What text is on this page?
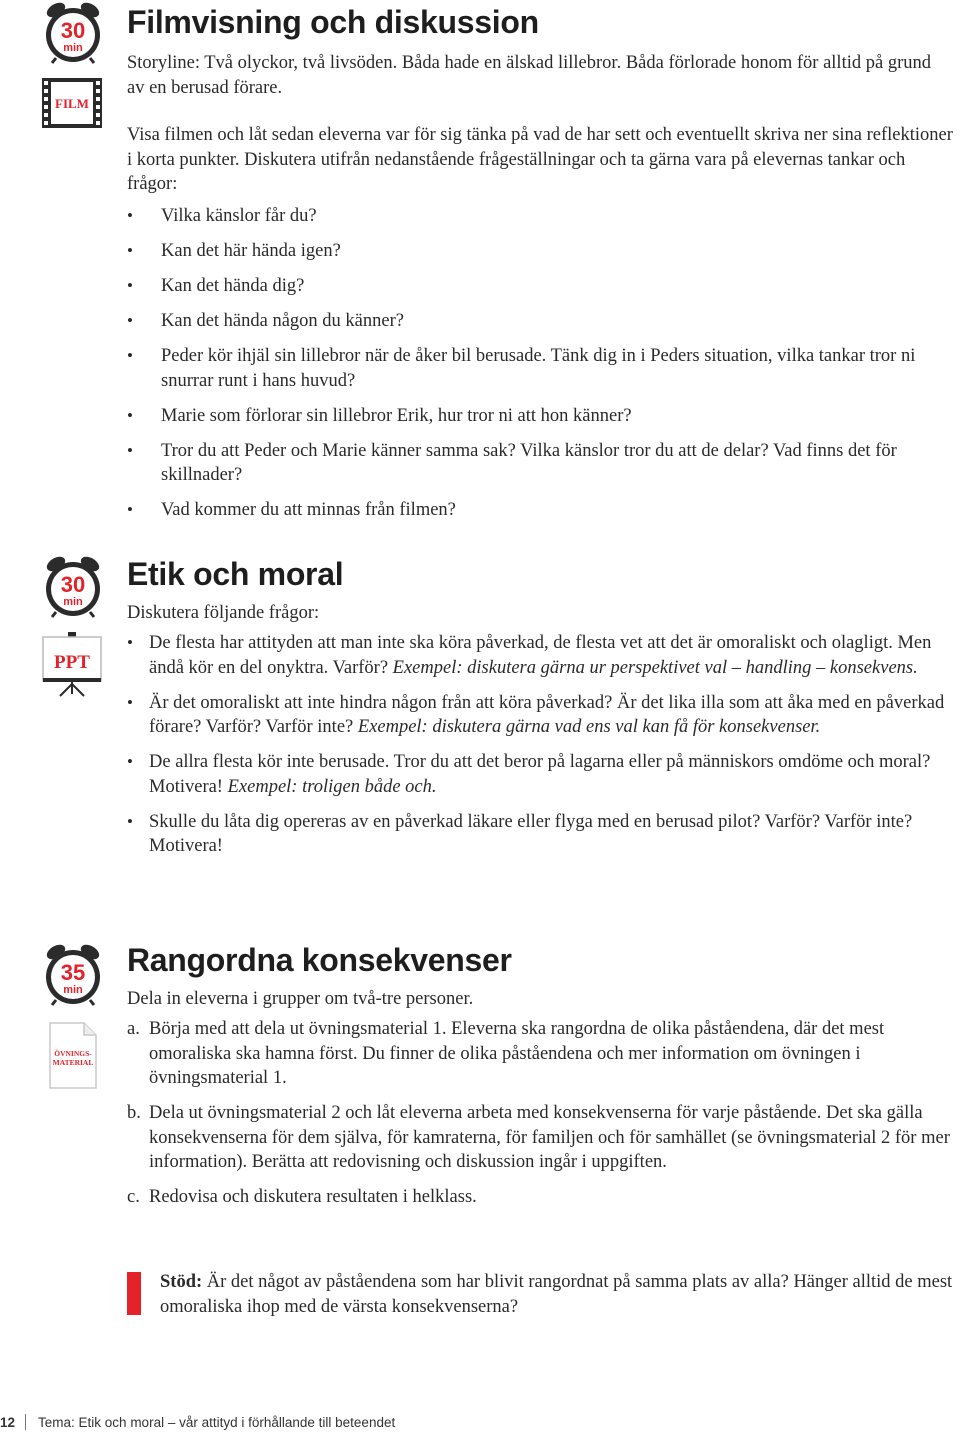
30
min
FILM
Filmvisning och diskussion

Storyline: Två olyckor, två livsöden. Båda hade en älskad lillebror. Båda förlorade honom för alltid på grund av en berusad förare.

Visa filmen och låt sedan eleverna var för sig tänka på vad de har sett och eventuellt skriva ner sina reflektioner i korta punkter. Diskutera utifrån nedanstående frågeställningar och ta gärna vara på elevernas tankar och frågor:

• Vilka känslor får du?
• Kan det här hända igen?
• Kan det hända dig?
• Kan det hända någon du känner?
• Peder kör ihjäl sin lillebror när de åker bil berusade. Tänk dig in i Peders situation, vilka tankar tror ni snurrar runt i hans huvud?
• Marie som förlorar sin lillebror Erik, hur tror ni att hon känner?
• Tror du att Peder och Marie känner samma sak? Vilka känslor tror du att de delar? Vad finns det för skillnader?
• Vad kommer du att minnas från filmen?
30
min
PPT
Etik och moral

Diskutera följande frågor:

• De flesta har attityden att man inte ska köra påverkad, de flesta vet att det är omoraliskt och olagligt. Men ändå kör en del onyktra. Varför? Exempel: diskutera gärna ur perspektivet val – handling – konsekvens.
• Är det omoraliskt att inte hindra någon från att köra påverkad? Är det lika illa som att åka med en påverkad förare? Varför? Varför inte? Exempel: diskutera gärna vad ens val kan få för konsekvenser.
• De allra flesta kör inte berusade. Tror du att det beror på lagarna eller på människors omdöme och moral? Motivera! Exempel: troligen både och.
• Skulle du låta dig opereras av en påverkad läkare eller flyga med en berusad pilot? Varför? Varför inte? Motivera!
35
min
ÖVNINGS-
MATERIAL
Rangordna konsekvenser

Dela in eleverna i grupper om två-tre personer.

a. Börja med att dela ut övningsmaterial 1. Eleverna ska rangordna de olika påståendena, där det mest omoraliska ska hamna först. Du finner de olika påståendena och mer information om övningen i övningsmaterial 1.
b. Dela ut övningsmaterial 2 och låt eleverna arbeta med konsekvenserna för varje påstående. Det ska gälla konsekvenserna för dem själva, för kamraterna, för familjen och för samhället (se övningsmaterial 2 för mer information). Berätta att redovisning och diskussion ingår i uppgiften.
c. Redovisa och diskutera resultaten i helklass.

Stöd: Är det något av påståendena som har blivit rangordnat på samma plats av alla? Hänger alltid de mest omoraliska ihop med de värsta konsekvenserna?

12 Tema: Etik och moral – vår attityd i förhållande till beteendet
